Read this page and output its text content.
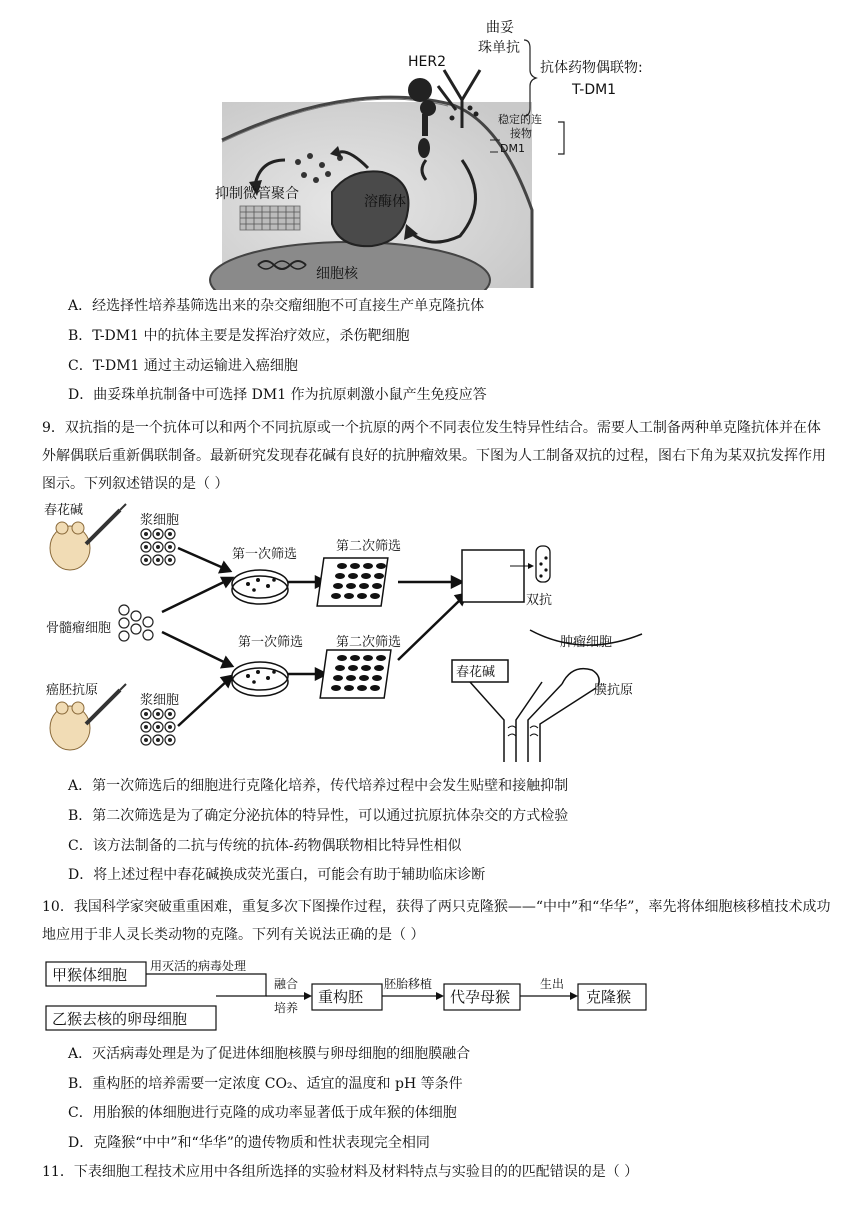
HER2
曲妥
珠单抗
抗体药物偶联物:
T-DM1
稳定的连
接物
DM1
抑制微管聚合	溶酶体
细胞核
A．经选择性培养基筛选出来的杂交瘤细胞不可直接生产单克隆抗体
B．T-DM1 中的抗体主要是发挥治疗效应，杀伤靶细胞
C．T-DM1 通过主动运输进入癌细胞
D．曲妥珠单抗制备中可选择 DM1 作为抗原刺激小鼠产生免疫应答
9．双抗指的是一个抗体可以和两个不同抗原或一个抗原的两个不同表位发生特异性结合。需要人工制备两种单克隆抗体并在体外解偶联后重新偶联制备。最新研究发现春花碱有良好的抗肿瘤效果。下图为人工制备双抗的过程，图右下角为某双抗发挥作用图示。下列叙述错误的是（ ）
春花碱
浆细胞
第一次筛选
第二次筛选
骨髓瘤细胞
双抗
第一次筛选	第二次筛选	肿瘤细胞
癌胚抗原
浆细胞
春花碱
膜抗原
A．第一次筛选后的细胞进行克隆化培养，传代培养过程中会发生贴壁和接触抑制
B．第二次筛选是为了确定分泌抗体的特异性，可以通过抗原抗体杂交的方式检验
C．该方法制备的二抗与传统的抗体-药物偶联物相比特异性相似
D．将上述过程中春花碱换成荧光蛋白，可能会有助于辅助临床诊断
10．我国科学家突破重重困难，重复多次下图操作过程，获得了两只克隆猴——“中中”和“华华”，率先将体细胞核移植技术成功地应用于非人灵长类动物的克隆。下列有关说法正确的是（ ）
甲猴体细胞 用灭活的病毒处理
乙猴去核的卵母细胞
融合
培养
重构胚
胚胎移植
代孕母猴
生出
克隆猴
A．灭活病毒处理是为了促进体细胞核膜与卵母细胞的细胞膜融合
B．重构胚的培养需要一定浓度 CO₂、适宜的温度和 pH 等条件
C．用胎猴的体细胞进行克隆的成功率显著低于成年猴的体细胞
D．克隆猴“中中”和“华华”的遗传物质和性状表现完全相同
11．下表细胞工程技术应用中各组所选择的实验材料及材料特点与实验目的的匹配错误的是（ ）
